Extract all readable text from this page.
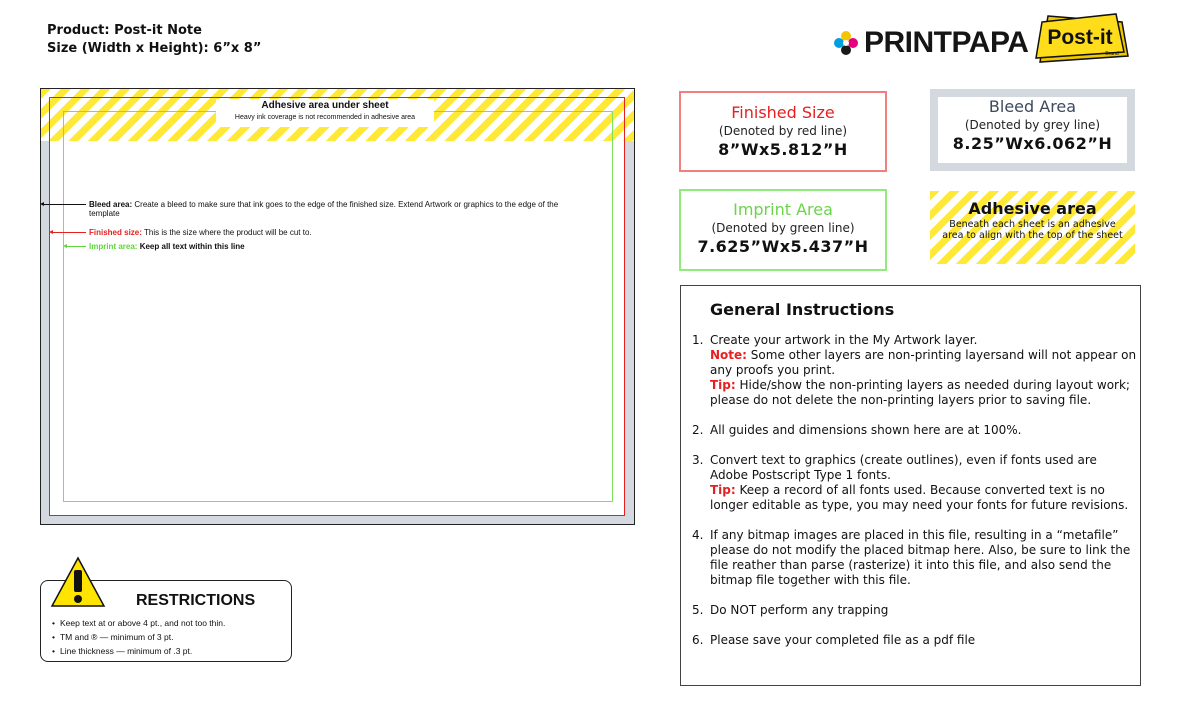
Product: Post-it Note
Size (Width x Height): 6”x 8”	PRINTPAPA Post-it
Brand
Adhesive area under sheet
Heavy ink coverage is not recommended in adhesive area
Bleed area: Create a bleed to make sure that ink goes to the edge of the finished size. Extend Artwork or graphics to the edge of the template
Finished size: This is the size where the product will be cut to.
Imprint area: Keep all text within this line
RESTRICTIONS
• Keep text at or above 4 pt., and not too thin.
• TM and ® — minimum of 3 pt.
• Line thickness — minimum of .3 pt.
Finished Size
(Denoted by red line)
8”Wx5.812”H
Bleed Area
(Denoted by grey line)
8.25”Wx6.062”H
Imprint Area
(Denoted by green line)
7.625”Wx5.437”H
Adhesive area
Beneath each sheet is an adhesive area to align with the top of the sheet
General Instructions
1. Create your artwork in the My Artwork layer.
Note: Some other layers are non-printing layersand will not appear on any proofs you print.
Tip: Hide/show the non-printing layers as needed during layout work; please do not delete the non-printing layers prior to saving file.
2. All guides and dimensions shown here are at 100%.
3. Convert text to graphics (create outlines), even if fonts used are Adobe Postscript Type 1 fonts.
Tip: Keep a record of all fonts used. Because converted text is no longer editable as type, you may need your fonts for future revisions.
4. If any bitmap images are placed in this file, resulting in a “metafile” please do not modify the placed bitmap here. Also, be sure to link the file reather than parse (rasterize) it into this file, and also send the bitmap file together with this file.
5. Do NOT perform any trapping
6. Please save your completed file as a pdf file
